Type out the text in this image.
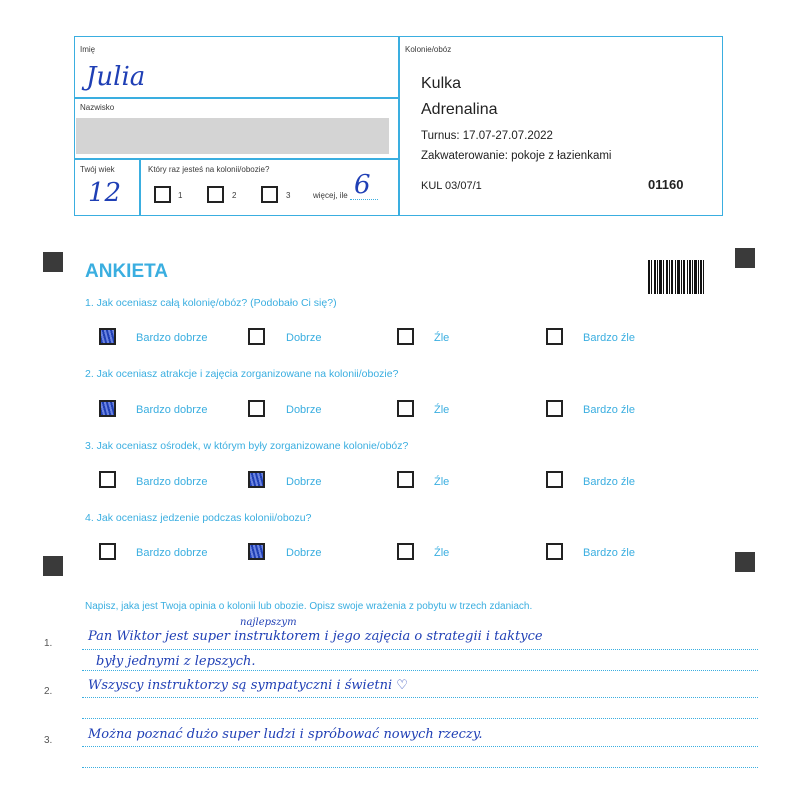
Imię
Julia
Nazwisko
Twój wiek
12
Który raz jesteś na kolonii/obozie?
1	2	3	więcej, ile 6
Kolonie/obóz
Kulka
Adrenalina
Turnus: 17.07-27.07.2022
Zakwaterowanie: pokoje z łazienkami
KUL 03/07/1	01160
ANKIETA
1. Jak oceniasz całą kolonię/obóz? (Podobało Ci się?)
Bardzo dobrze	Dobrze	Źle	Bardzo źle
2. Jak oceniasz atrakcje i zajęcia zorganizowane na kolonii/obozie?
Bardzo dobrze	Dobrze	Źle	Bardzo źle
3. Jak oceniasz ośrodek, w którym były zorganizowane kolonie/obóz?
Bardzo dobrze	Dobrze	Źle	Bardzo źle
4. Jak oceniasz jedzenie podczas kolonii/obozu?
Bardzo dobrze	Dobrze	Źle	Bardzo źle
Napisz, jaka jest Twoja opinia o kolonii lub obozie. Opisz swoje wrażenia z pobytu w trzech zdaniach.
1.
najlepszym
Pan Wiktor jest super instruktorem i jego zajęcia o strategii i taktyce
były jednymi z lepszych.
2.	Wszyscy instruktorzy są sympatyczni i świetni ♡
3.	Można poznać dużo super ludzi i spróbować nowych rzeczy.
